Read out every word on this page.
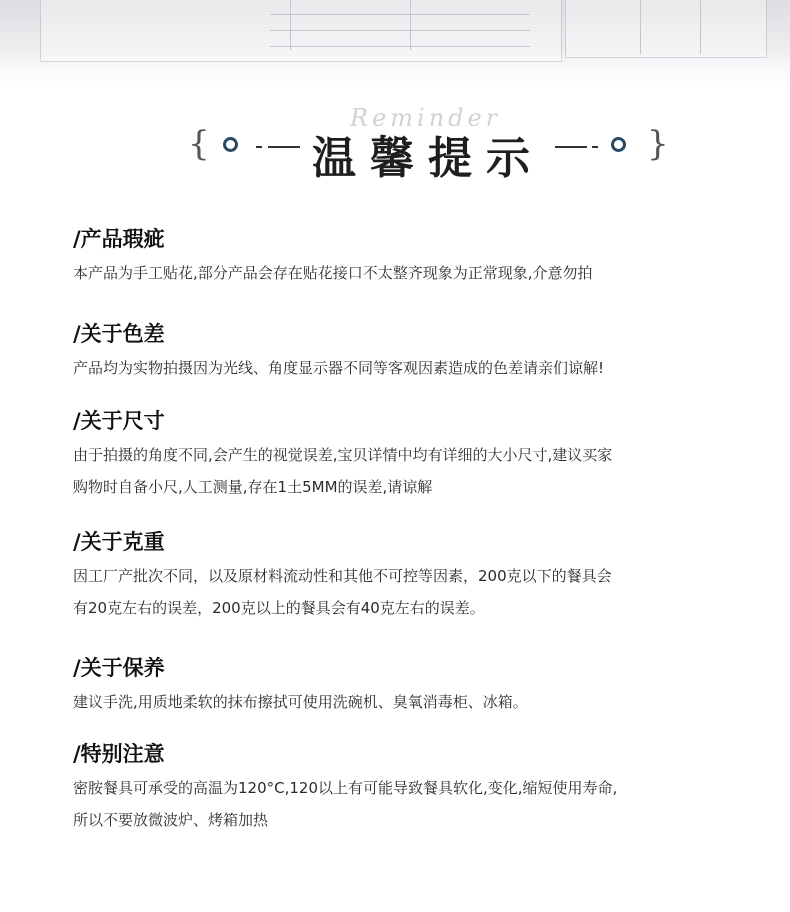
Reminder
{ 温馨提示	}
/产品瑕疵

本产品为手工贴花,部分产品会存在贴花接口不太整齐现象为正常现象,介意勿拍

/关于色差

产品均为实物拍摄因为光线、角度显示器不同等客观因素造成的色差请亲们谅解!

/关于尺寸

由于拍摄的角度不同,会产生的视觉误差,宝贝详情中均有详细的大小尺寸,建议买家
购物时自备小尺,人工测量,存在1土5MM的误差,请谅解

/关于克重

因工厂产批次不同，以及原材料流动性和其他不可控等因素，200克以下的餐具会
有20克左右的误差，200克以上的餐具会有40克左右的误差。

/关于保养

建议手洗,用质地柔软的抹布擦拭可使用洗碗机、臭氧消毒柜、冰箱。

/特别注意

密胺餐具可承受的高温为120°C,120以上有可能导致餐具软化,变化,缩短使用寿命,
所以不要放微波炉、烤箱加热
